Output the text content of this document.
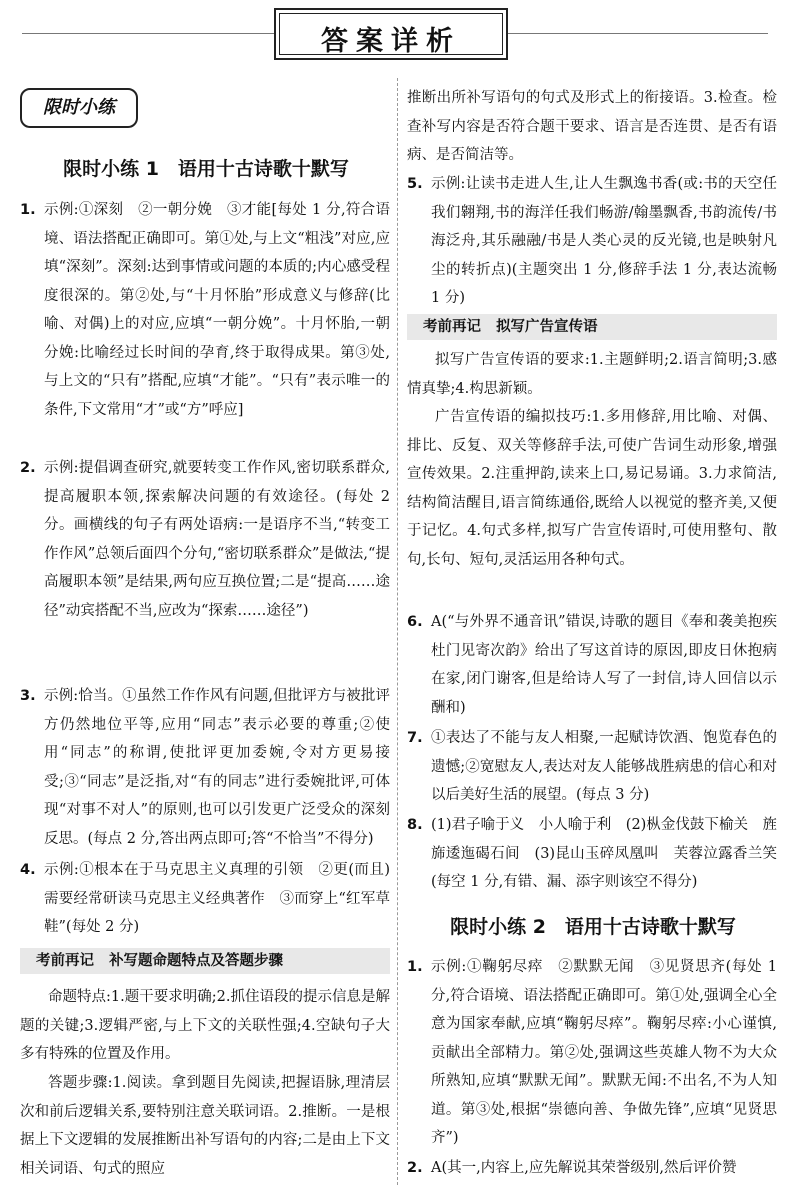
答案详析
限时小练
限时小练 1　语用十古诗歌十默写
1. 示例:①深刻　②一朝分娩　③才能[每处 1 分,符合语境、语法搭配正确即可。第①处,与上文“粗浅”对应,应填“深刻”。深刻:达到事情或问题的本质的;内心感受程度很深的。第②处,与“十月怀胎”形成意义与修辞(比喻、对偶)上的对应,应填“一朝分娩”。十月怀胎,一朝分娩:比喻经过长时间的孕育,终于取得成果。第③处,与上文的“只有”搭配,应填“才能”。“只有”表示唯一的条件,下文常用“才”或“方”呼应]
2. 示例:提倡调查研究,就要转变工作作风,密切联系群众,提高履职本领,探索解决问题的有效途径。(每处 2 分。画横线的句子有两处语病:一是语序不当,“转变工作作风”总领后面四个分句,“密切联系群众”是做法,“提高履职本领”是结果,两句应互换位置;二是“提高……途径”动宾搭配不当,应改为“探索……途径”)
3. 示例:恰当。①虽然工作作风有问题,但批评方与被批评方仍然地位平等,应用“同志”表示必要的尊重;②使用“同志”的称谓,使批评更加委婉,令对方更易接受;③“同志”是泛指,对“有的同志”进行委婉批评,可体现“对事不对人”的原则,也可以引发更广泛受众的深刻反思。(每点 2 分,答出两点即可;答“不恰当”不得分)
4. 示例:①根本在于马克思主义真理的引领　②更(而且)需要经常研读马克思主义经典著作　③而穿上“红军草鞋”(每处 2 分)
考前再记 补写题命题特点及答题步骤
命题特点:1.题干要求明确;2.抓住语段的提示信息是解题的关键;3.逻辑严密,与上下文的关联性强;4.空缺句子大多有特殊的位置及作用。
答题步骤:1.阅读。拿到题目先阅读,把握语脉,理清层次和前后逻辑关系,要特别注意关联词语。2.推断。一是根据上下文逻辑的发展推断出补写语句的内容;二是由上下文相关词语、句式的照应
推断出所补写语句的句式及形式上的衔接语。3.检查。检查补写内容是否符合题干要求、语言是否连贯、是否有语病、是否简洁等。
5. 示例:让读书走进人生,让人生飘逸书香(或:书的天空任我们翱翔,书的海洋任我们畅游/翰墨飘香,书韵流传/书海泛舟,其乐融融/书是人类心灵的反光镜,也是映射凡尘的转折点)(主题突出 1 分,修辞手法 1 分,表达流畅 1 分)
考前再记 拟写广告宣传语
拟写广告宣传语的要求:1.主题鲜明;2.语言简明;3.感情真挚;4.构思新颖。
广告宣传语的编拟技巧:1.多用修辞,用比喻、对偶、排比、反复、双关等修辞手法,可使广告词生动形象,增强宣传效果。2.注重押韵,读来上口,易记易诵。3.力求简洁,结构简洁醒目,语言简练通俗,既给人以视觉的整齐美,又便于记忆。4.句式多样,拟写广告宣传语时,可使用整句、散句,长句、短句,灵活运用各种句式。
6. A(“与外界不通音讯”错误,诗歌的题目《奉和袭美抱疾杜门见寄次韵》给出了写这首诗的原因,即皮日休抱病在家,闭门谢客,但是给诗人写了一封信,诗人回信以示酬和)
7. ①表达了不能与友人相聚,一起赋诗饮酒、饱览春色的遗憾;②宽慰友人,表达对友人能够战胜病患的信心和对以后美好生活的展望。(每点 3 分)
8. (1)君子喻于义　小人喻于利　(2)枞金伐鼓下榆关　旌旆逶迤碣石间　(3)昆山玉碎凤凰叫　芙蓉泣露香兰笑(每空 1 分,有错、漏、添字则该空不得分)
限时小练 2　语用十古诗歌十默写
1. 示例:①鞠躬尽瘁　②默默无闻　③见贤思齐(每处 1 分,符合语境、语法搭配正确即可。第①处,强调全心全意为国家奉献,应填“鞠躬尽瘁”。鞠躬尽瘁:小心谨慎,贡献出全部精力。第②处,强调这些英雄人物不为大众所熟知,应填“默默无闻”。默默无闻:不出名,不为人知道。第③处,根据“崇德向善、争做先锋”,应填“见贤思齐”)
2. A(其一,内容上,应先解说其荣誉级别,然后评价赞
